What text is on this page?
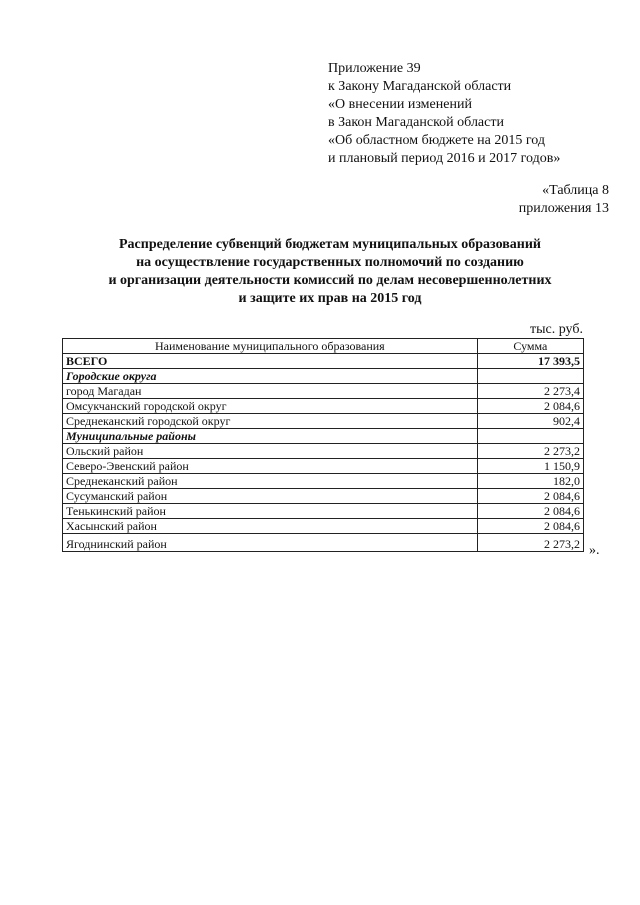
Приложение 39
к Закону Магаданской области
«О внесении изменений
в Закон Магаданской области
«Об областном бюджете на 2015 год
и плановый период 2016 и 2017 годов»
«Таблица 8
приложения 13
Распределение субвенций бюджетам муниципальных образований
на осуществление государственных полномочий по созданию
и организации деятельности комиссий по делам несовершеннолетних
и защите их прав на 2015 год
тыс. руб.
Наименование муниципального образования	Сумма
ВСЕГО	17 393,5
Городские округа	
город Магадан	2 273,4
Омсукчанский городской округ	2 084,6
Среднеканский городской округ	902,4
Муниципальные районы	
Ольский район	2 273,2
Северо-Эвенский район	1 150,9
Среднеканский район	182,0
Сусуманский район	2 084,6
Тенькинский район	2 084,6
Хасынский район	2 084,6
Ягоднинский район	2 273,2 ».
